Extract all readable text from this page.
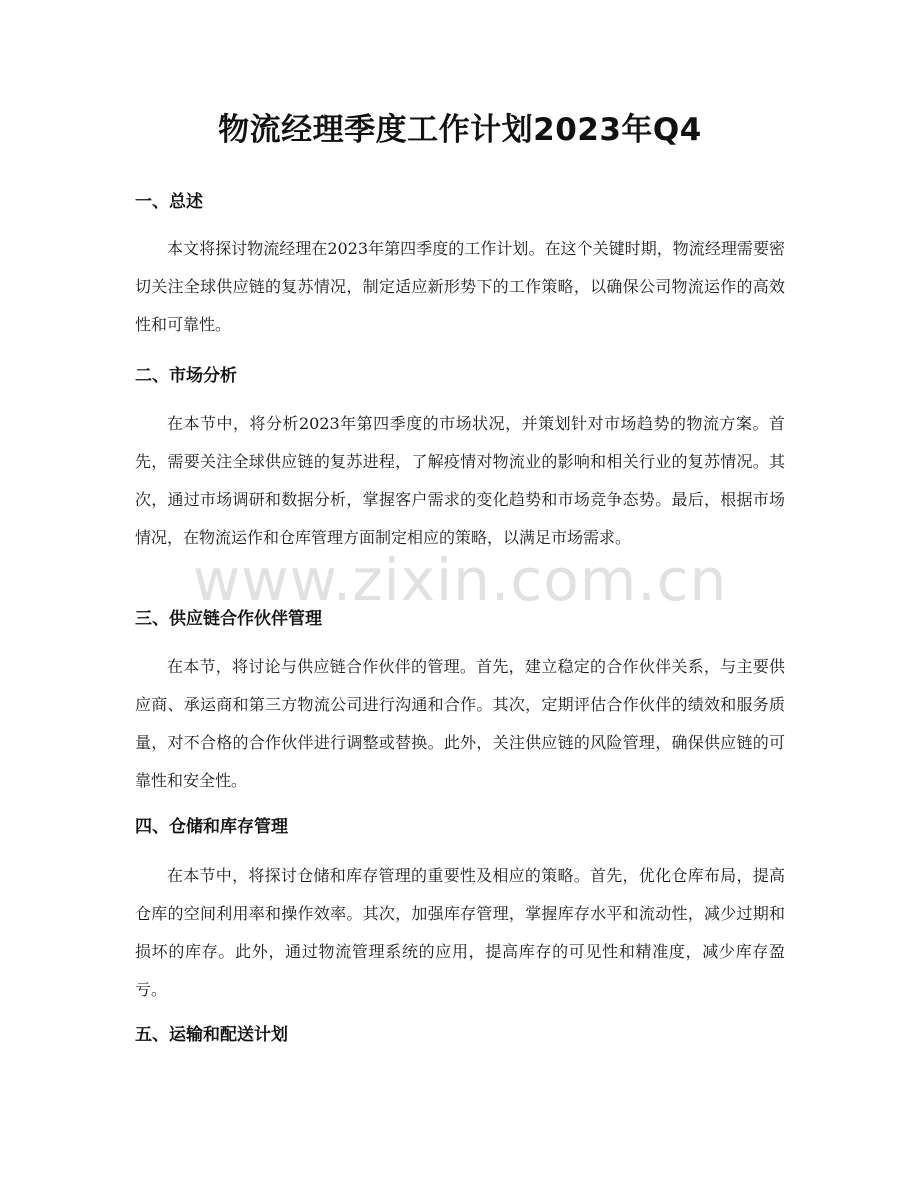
物流经理季度工作计划2023年Q4
一、总述

本文将探讨物流经理在2023年第四季度的工作计划。在这个关键时期，物流经理需要密切关注全球供应链的复苏情况，制定适应新形势下的工作策略，以确保公司物流运作的高效性和可靠性。

二、市场分析

在本节中，将分析2023年第四季度的市场状况，并策划针对市场趋势的物流方案。首先，需要关注全球供应链的复苏进程，了解疫情对物流业的影响和相关行业的复苏情况。其次，通过市场调研和数据分析，掌握客户需求的变化趋势和市场竞争态势。最后，根据市场情况，在物流运作和仓库管理方面制定相应的策略，以满足市场需求。

三、供应链合作伙伴管理

在本节，将讨论与供应链合作伙伴的管理。首先，建立稳定的合作伙伴关系，与主要供应商、承运商和第三方物流公司进行沟通和合作。其次，定期评估合作伙伴的绩效和服务质量，对不合格的合作伙伴进行调整或替换。此外，关注供应链的风险管理，确保供应链的可靠性和安全性。

四、仓储和库存管理

在本节中，将探讨仓储和库存管理的重要性及相应的策略。首先，优化仓库布局，提高仓库的空间利用率和操作效率。其次，加强库存管理，掌握库存水平和流动性，减少过期和损坏的库存。此外，通过物流管理系统的应用，提高库存的可见性和精准度，减少库存盈亏。

五、运输和配送计划
www.zixin.com.cn
